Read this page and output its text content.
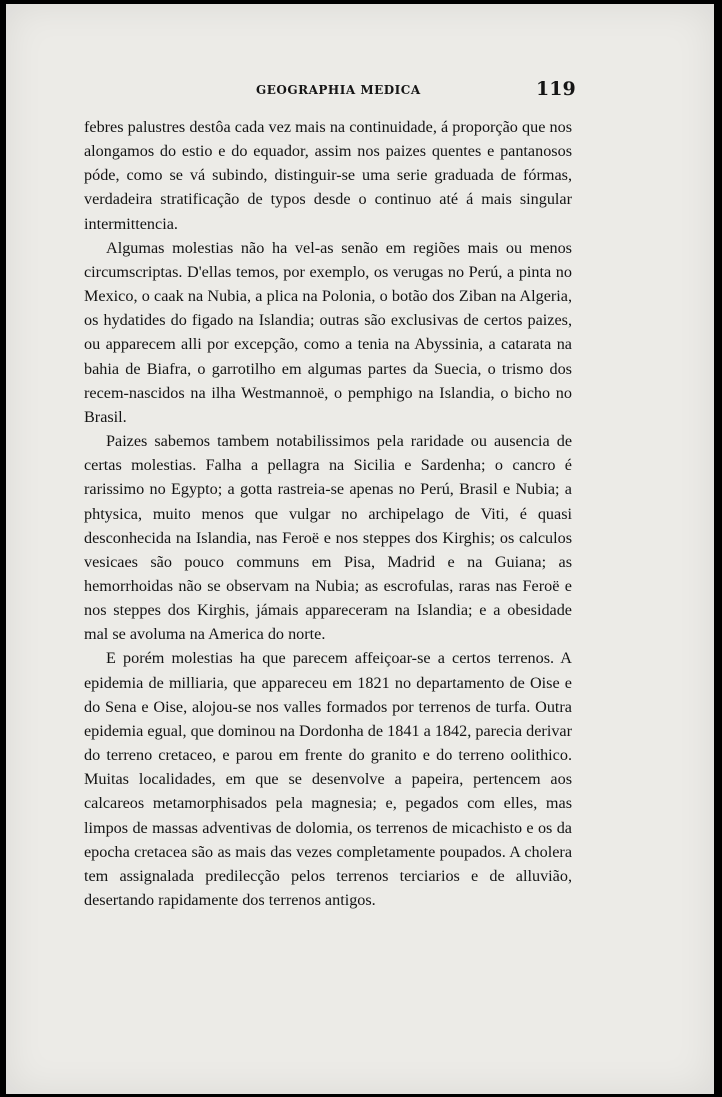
GEOGRAPHIA MEDICA	119

febres palustres destôa cada vez mais na continuidade, á proporção que nos alongamos do estio e do equador, assim nos paizes quentes e pantanosos póde, como se vá subindo, distinguir-se uma serie graduada de fórmas, verdadeira stratificação de typos desde o continuo até á mais singular intermittencia.

Algumas molestias não ha vel-as senão em regiões mais ou menos circumscriptas. D'ellas temos, por exemplo, os verugas no Perú, a pinta no Mexico, o caak na Nubia, a plica na Polonia, o botão dos Ziban na Algeria, os hydatides do figado na Islandia; outras são exclusivas de certos paizes, ou apparecem alli por excepção, como a tenia na Abyssinia, a catarata na bahia de Biafra, o garrotilho em algumas partes da Suecia, o trismo dos recem-nascidos na ilha Westmannoë, o pemphigo na Islandia, o bicho no Brasil.

Paizes sabemos tambem notabilissimos pela raridade ou ausencia de certas molestias. Falha a pellagra na Sicilia e Sardenha; o cancro é rarissimo no Egypto; a gotta rastreia-se apenas no Perú, Brasil e Nubia; a phtysica, muito menos que vulgar no archipelago de Viti, é quasi desconhecida na Islandia, nas Feroë e nos steppes dos Kirghis; os calculos vesicaes são pouco communs em Pisa, Madrid e na Guiana; as hemorrhoidas não se observam na Nubia; as escrofulas, raras nas Feroë e nos steppes dos Kirghis, jámais appareceram na Islandia; e a obesidade mal se avoluma na America do norte.

E porém molestias ha que parecem affeiçoar-se a certos terrenos. A epidemia de milliaria, que appareceu em 1821 no departamento de Oise e do Sena e Oise, alojou-se nos valles formados por terrenos de turfa. Outra epidemia egual, que dominou na Dordonha de 1841 a 1842, parecia derivar do terreno cretaceo, e parou em frente do granito e do terreno oolithico. Muitas localidades, em que se desenvolve a papeira, pertencem aos calcareos metamorphisados pela magnesia; e, pegados com elles, mas limpos de massas adventivas de dolomia, os terrenos de micachisto e os da epocha cretacea são as mais das vezes completamente poupados. A cholera tem assignalada predilecção pelos terrenos terciarios e de alluvião, desertando rapidamente dos terrenos antigos.
